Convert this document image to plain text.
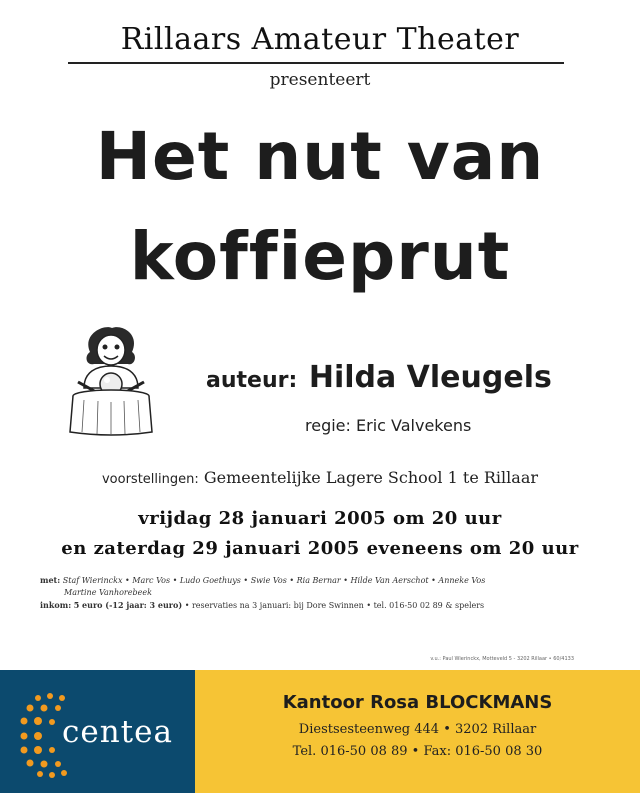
Rillaars Amateur Theater
presenteert
Het nut van
koffieprut
auteur: Hilda Vleugels
regie: Eric Valvekens
voorstellingen: Gemeentelijke Lagere School 1 te Rillaar
vrijdag 28 januari 2005 om 20 uur
en zaterdag 29 januari 2005 eveneens om 20 uur
met: Staf Wierinckx • Marc Vos • Ludo Goethuys • Swie Vos • Ria Bernar • Hilde Van Aerschot • Anneke Vos
Martine Vanhorebeek
inkom: 5 euro (-12 jaar: 3 euro) • reservaties na 3 januari: bij Dore Swinnen • tel. 016-50 02 89 & spelers
v.u.: Paul Wierinckx, Motteveld 5 - 3202 Rillaar • 60/4133
centea
Kantoor Rosa BLOCKMANS
Diestsesteenweg 444 • 3202 Rillaar
Tel. 016-50 08 89 • Fax: 016-50 08 30
